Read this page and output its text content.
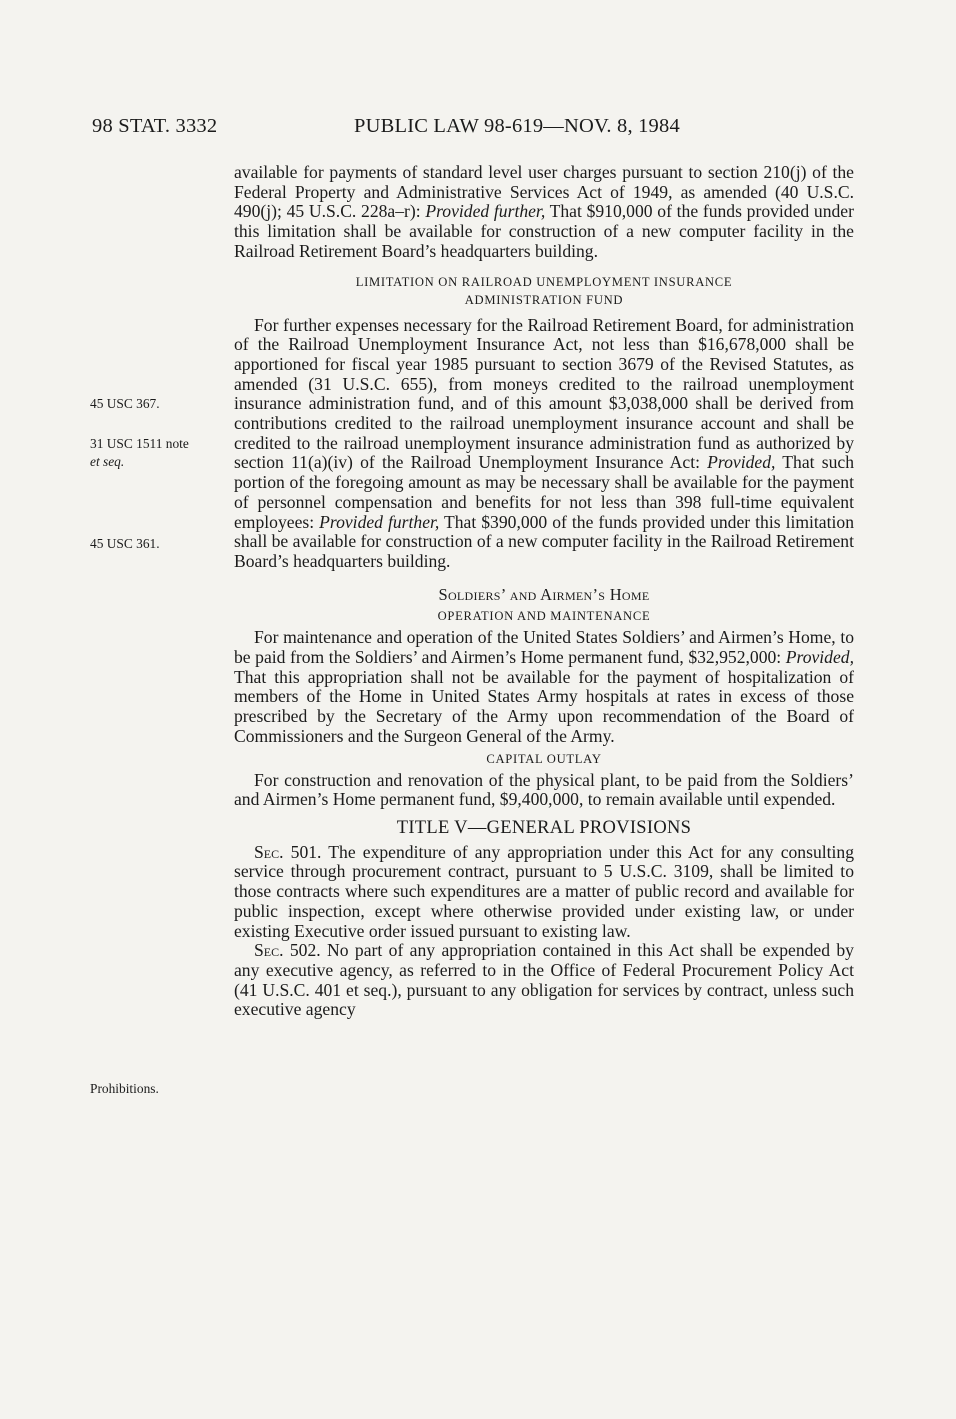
98 STAT. 3332	PUBLIC LAW 98-619—NOV. 8, 1984
45 USC 367.
31 USC 1511 note
et seq.
45 USC 361.
Prohibitions.

available for payments of standard level user charges pursuant to section 210(j) of the Federal Property and Administrative Services Act of 1949, as amended (40 U.S.C. 490(j); 45 U.S.C. 228a–r): Provided further, That $910,000 of the funds provided under this limitation shall be available for construction of a new computer facility in the Railroad Retirement Board’s headquarters building.

LIMITATION ON RAILROAD UNEMPLOYMENT INSURANCE
ADMINISTRATION FUND

For further expenses necessary for the Railroad Retirement Board, for administration of the Railroad Unemployment Insurance Act, not less than $16,678,000 shall be apportioned for fiscal year 1985 pursuant to section 3679 of the Revised Statutes, as amended (31 U.S.C. 655), from moneys credited to the railroad unemployment insurance administration fund, and of this amount $3,038,000 shall be derived from contributions credited to the railroad unemployment insurance account and shall be credited to the railroad unemployment insurance administration fund as authorized by section 11(a)(iv) of the Railroad Unemployment Insurance Act: Provided, That such portion of the foregoing amount as may be necessary shall be available for the payment of personnel compensation and benefits for not less than 398 full-time equivalent employees: Provided further, That $390,000 of the funds provided under this limitation shall be available for construction of a new computer facility in the Railroad Retirement Board’s headquarters building.

Soldiers’ and Airmen’s Home
OPERATION AND MAINTENANCE

For maintenance and operation of the United States Soldiers’ and Airmen’s Home, to be paid from the Soldiers’ and Airmen’s Home permanent fund, $32,952,000: Provided, That this appropriation shall not be available for the payment of hospitalization of members of the Home in United States Army hospitals at rates in excess of those prescribed by the Secretary of the Army upon recommendation of the Board of Commissioners and the Surgeon General of the Army.

CAPITAL OUTLAY

For construction and renovation of the physical plant, to be paid from the Soldiers’ and Airmen’s Home permanent fund, $9,400,000, to remain available until expended.

TITLE V—GENERAL PROVISIONS

Sec. 501. The expenditure of any appropriation under this Act for any consulting service through procurement contract, pursuant to 5 U.S.C. 3109, shall be limited to those contracts where such expenditures are a matter of public record and available for public inspection, except where otherwise provided under existing law, or under existing Executive order issued pursuant to existing law.

Sec. 502. No part of any appropriation contained in this Act shall be expended by any executive agency, as referred to in the Office of Federal Procurement Policy Act (41 U.S.C. 401 et seq.), pursuant to any obligation for services by contract, unless such executive agency
